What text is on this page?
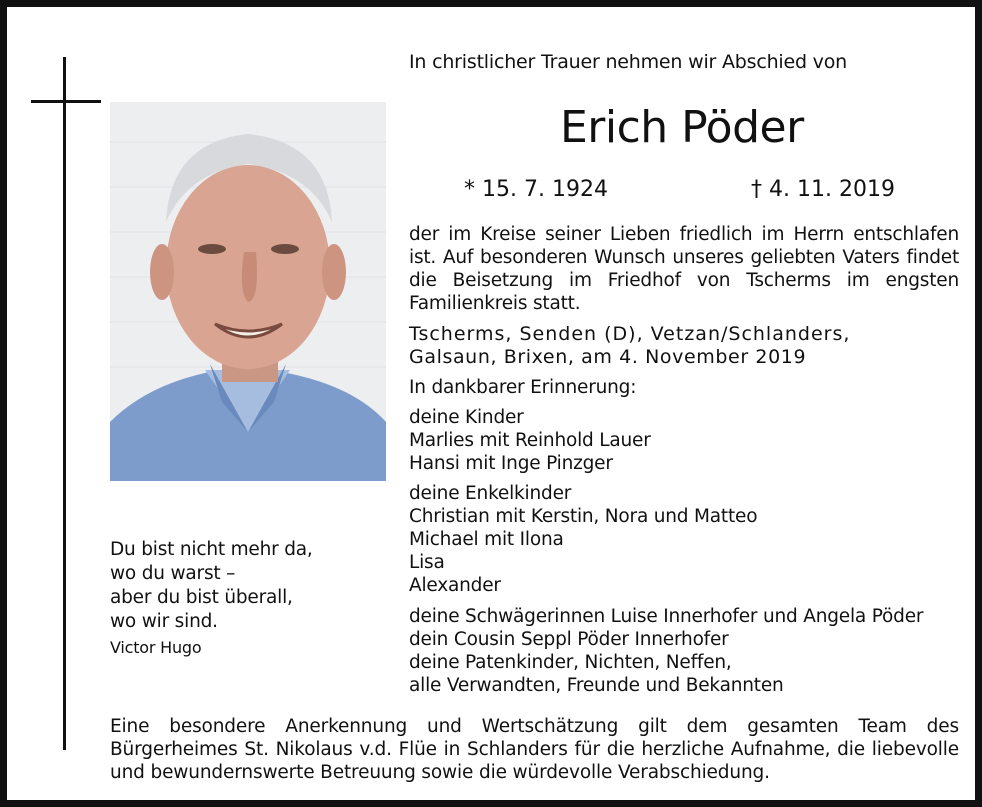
In christlicher Trauer nehmen wir Abschied von
Erich Pöder
* 15. 7. 1924	† 4. 11. 2019
der im Kreise seiner Lieben friedlich im Herrn entschlafen ist. Auf besonderen Wunsch unseres geliebten Vaters findet die Beisetzung im Friedhof von Tscherms im engsten Familienkreis statt.
Tscherms, Senden (D), Vetzan/Schlanders,
Galsaun, Brixen, am 4. November 2019
In dankbarer Erinnerung:
deine Kinder
Marlies mit Reinhold Lauer
Hansi mit Inge Pinzger
deine Enkelkinder
Christian mit Kerstin, Nora und Matteo
Michael mit Ilona
Lisa
Alexander
deine Schwägerinnen Luise Innerhofer und Angela Pöder
dein Cousin Seppl Pöder Innerhofer
deine Patenkinder, Nichten, Neffen,
alle Verwandten, Freunde und Bekannten
Du bist nicht mehr da,
wo du warst –
aber du bist überall,
wo wir sind.
Victor Hugo
Eine besondere Anerkennung und Wertschätzung gilt dem gesamten Team des Bürgerheimes St. Nikolaus v.d. Flüe in Schlanders für die herzliche Aufnahme, die liebevolle und bewundernswerte Betreuung sowie die würdevolle Verabschiedung.
